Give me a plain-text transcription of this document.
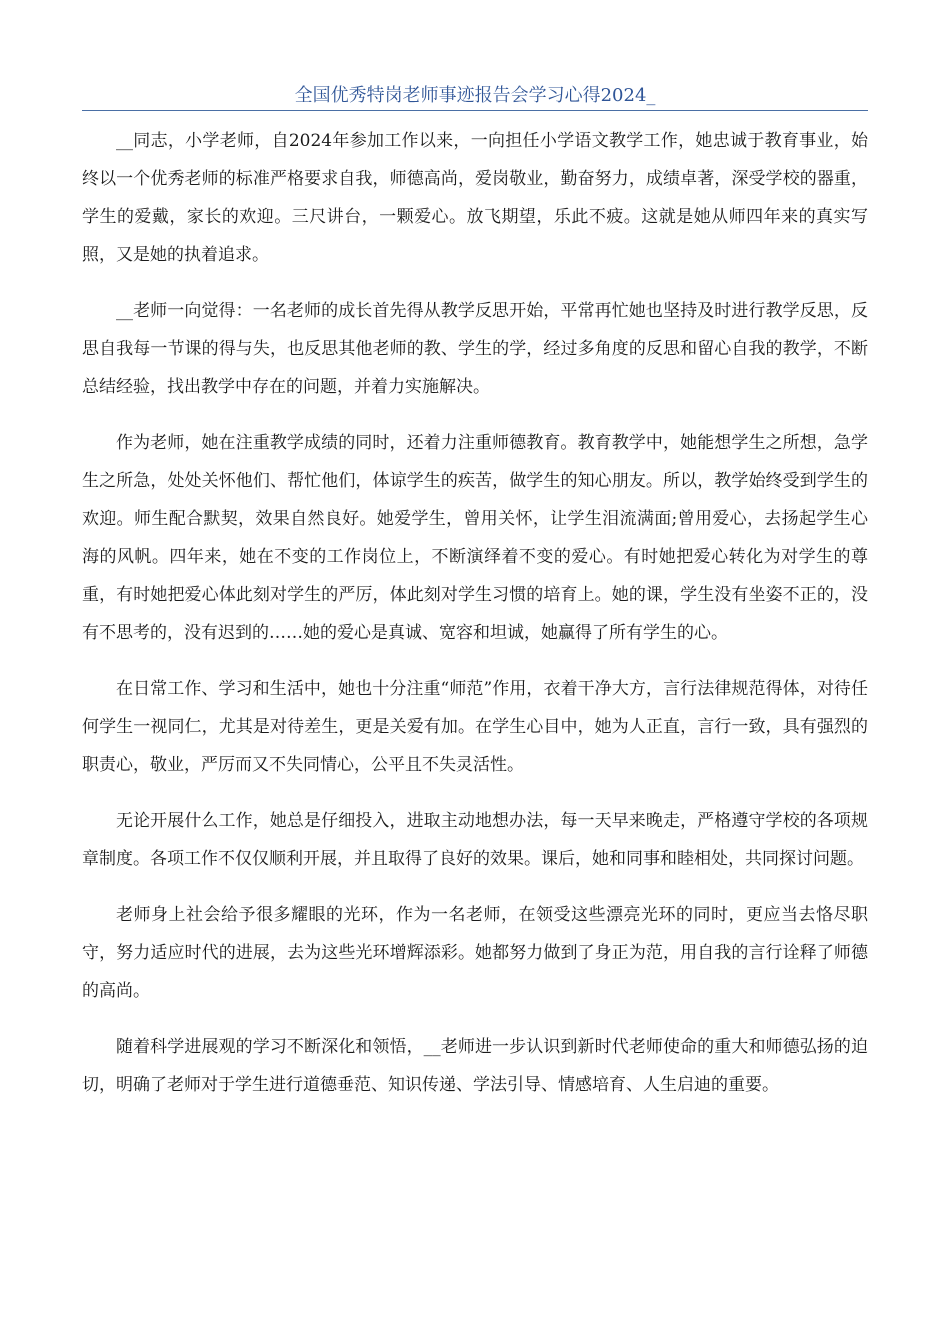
全国优秀特岗老师事迹报告会学习心得2024_

__同志，小学老师，自2024年参加工作以来，一向担任小学语文教学工作，她忠诚于教育事业，始终以一个优秀老师的标准严格要求自我，师德高尚，爱岗敬业，勤奋努力，成绩卓著，深受学校的器重，学生的爱戴，家长的欢迎。三尺讲台，一颗爱心。放飞期望，乐此不疲。这就是她从师四年来的真实写照，又是她的执着追求。

__老师一向觉得：一名老师的成长首先得从教学反思开始，平常再忙她也坚持及时进行教学反思，反思自我每一节课的得与失，也反思其他老师的教、学生的学，经过多角度的反思和留心自我的教学，不断总结经验，找出教学中存在的问题，并着力实施解决。

作为老师，她在注重教学成绩的同时，还着力注重师德教育。教育教学中，她能想学生之所想，急学生之所急，处处关怀他们、帮忙他们，体谅学生的疾苦，做学生的知心朋友。所以，教学始终受到学生的欢迎。师生配合默契，效果自然良好。她爱学生，曾用关怀，让学生泪流满面;曾用爱心，去扬起学生心海的风帆。四年来，她在不变的工作岗位上，不断演绎着不变的爱心。有时她把爱心转化为对学生的尊重，有时她把爱心体此刻对学生的严厉，体此刻对学生习惯的培育上。她的课，学生没有坐姿不正的，没有不思考的，没有迟到的……她的爱心是真诚、宽容和坦诚，她赢得了所有学生的心。

在日常工作、学习和生活中，她也十分注重“师范”作用，衣着干净大方，言行法律规范得体，对待任何学生一视同仁，尤其是对待差生，更是关爱有加。在学生心目中，她为人正直，言行一致，具有强烈的职责心，敬业，严厉而又不失同情心，公平且不失灵活性。

无论开展什么工作，她总是仔细投入，进取主动地想办法，每一天早来晚走，严格遵守学校的各项规章制度。各项工作不仅仅顺利开展，并且取得了良好的效果。课后，她和同事和睦相处，共同探讨问题。

老师身上社会给予很多耀眼的光环，作为一名老师，在领受这些漂亮光环的同时，更应当去恪尽职守，努力适应时代的进展，去为这些光环增辉添彩。她都努力做到了身正为范，用自我的言行诠释了师德的高尚。

随着科学进展观的学习不断深化和领悟，__老师进一步认识到新时代老师使命的重大和师德弘扬的迫切，明确了老师对于学生进行道德垂范、知识传递、学法引导、情感培育、人生启迪的重要。
